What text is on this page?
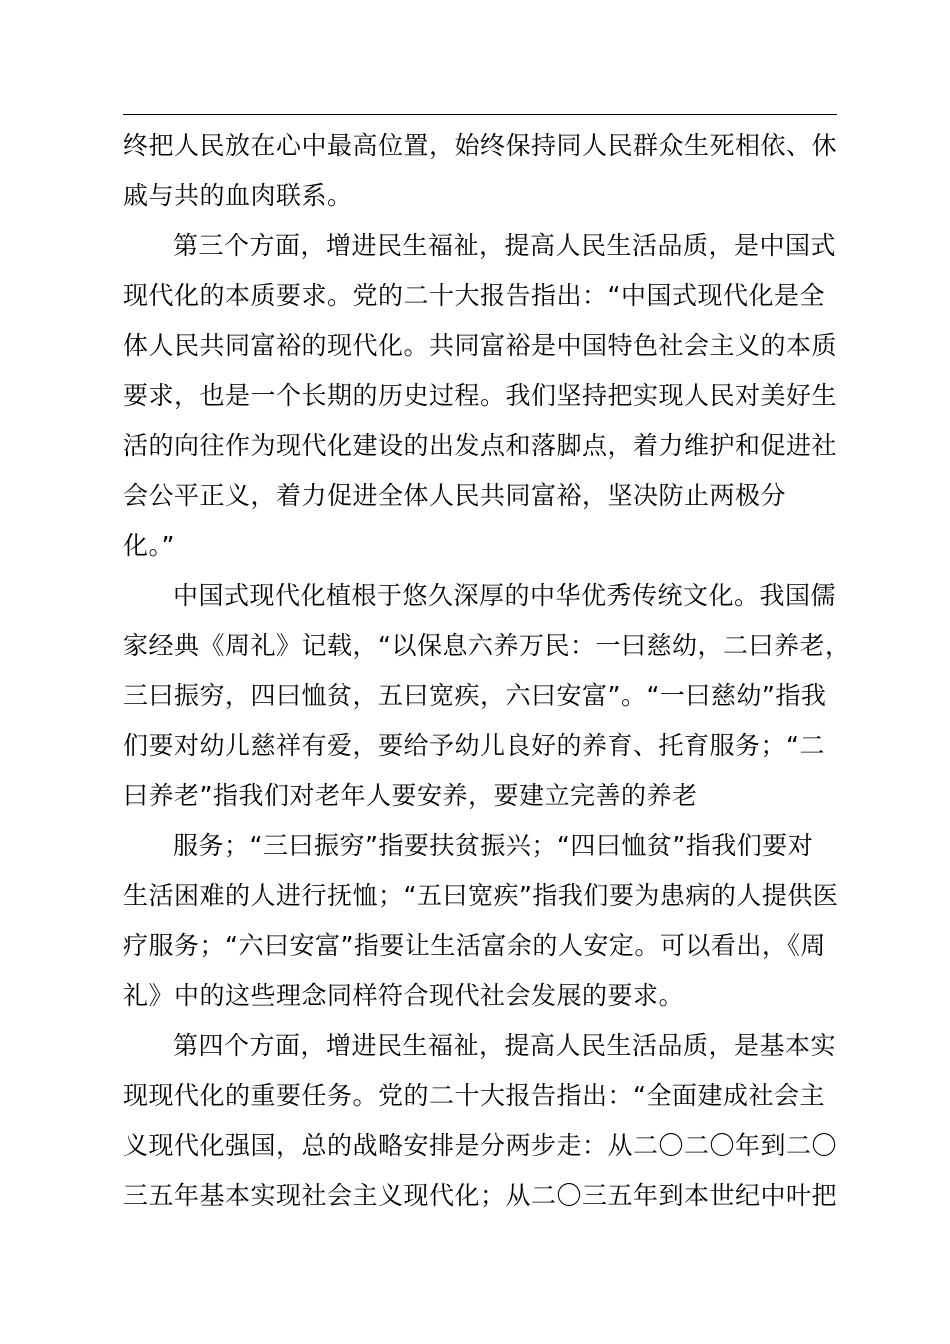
终把人民放在心中最高位置，始终保持同人民群众生死相依、休
戚与共的血肉联系。
第三个方面，增进民生福祉，提高人民生活品质，是中国式
现代化的本质要求。党的二十大报告指出：“中国式现代化是全
体人民共同富裕的现代化。共同富裕是中国特色社会主义的本质
要求，也是一个长期的历史过程。我们坚持把实现人民对美好生
活的向往作为现代化建设的出发点和落脚点，着力维护和促进社
会公平正义，着力促进全体人民共同富裕，坚决防止两极分
化。”
中国式现代化植根于悠久深厚的中华优秀传统文化。我国儒
家经典《周礼》记载，“以保息六养万民：一曰慈幼，二曰养老，
三曰振穷，四曰恤贫，五曰宽疾，六曰安富”。“一曰慈幼”指我
们要对幼儿慈祥有爱，要给予幼儿良好的养育、托育服务；“二
曰养老”指我们对老年人要安养，要建立完善的养老
服务；“三曰振穷”指要扶贫振兴；“四曰恤贫”指我们要对
生活困难的人进行抚恤；“五曰宽疾”指我们要为患病的人提供医
疗服务；“六曰安富”指要让生活富余的人安定。可以看出，《周
礼》中的这些理念同样符合现代社会发展的要求。
第四个方面，增进民生福祉，提高人民生活品质，是基本实
现现代化的重要任务。党的二十大报告指出：“全面建成社会主
义现代化强国，总的战略安排是分两步走：从二〇二〇年到二〇
三五年基本实现社会主义现代化；从二〇三五年到本世纪中叶把
